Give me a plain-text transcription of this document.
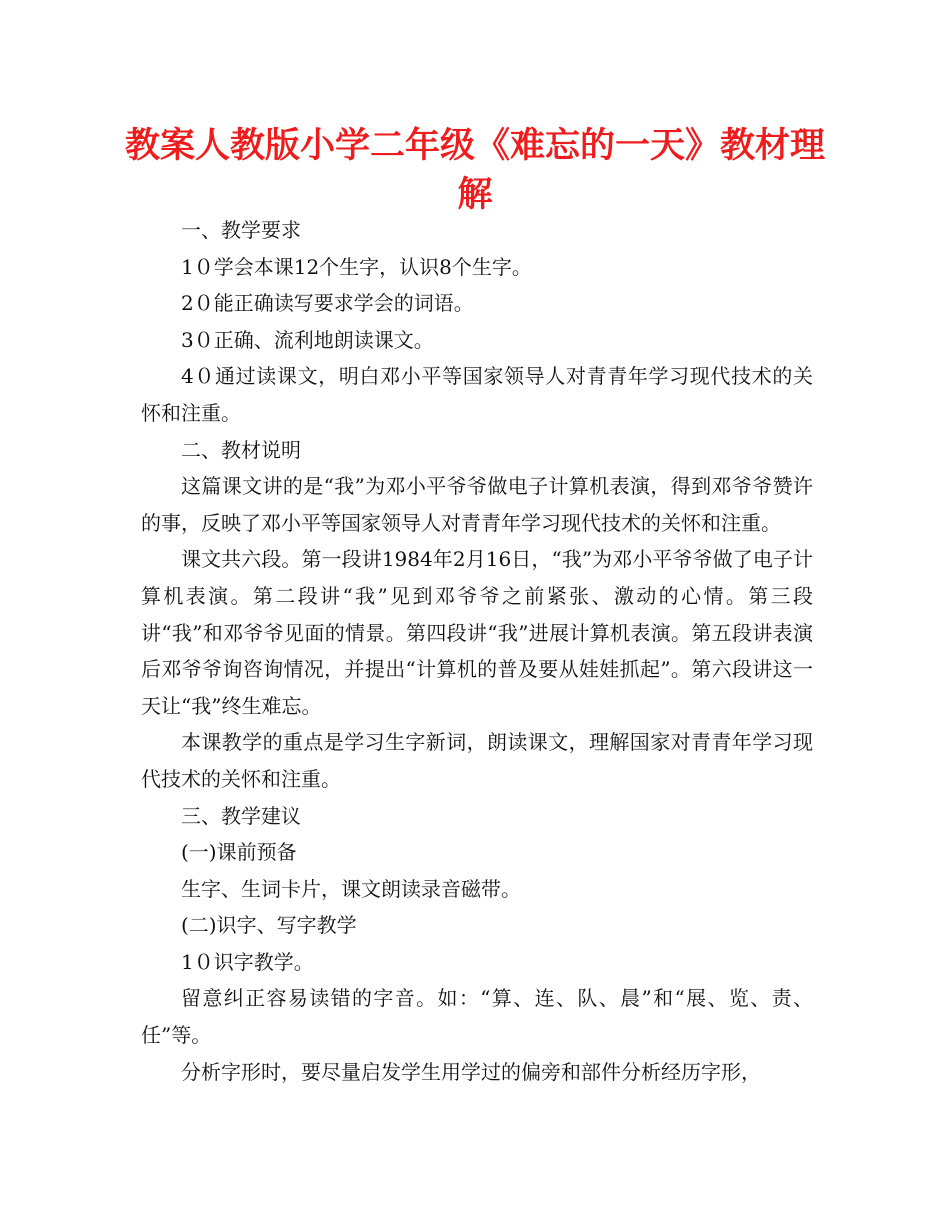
教案人教版小学二年级《难忘的一天》教材理解

一、教学要求

1０学会本课12个生字，认识8个生字。

2０能正确读写要求学会的词语。

3０正确、流利地朗读课文。

4０通过读课文，明白邓小平等国家领导人对青青年学习现代技术的关怀和注重。

二、教材说明

这篇课文讲的是“我”为邓小平爷爷做电子计算机表演，得到邓爷爷赞许的事，反映了邓小平等国家领导人对青青年学习现代技术的关怀和注重。

课文共六段。第一段讲1984年2月16日，“我”为邓小平爷爷做了电子计算机表演。第二段讲“我”见到邓爷爷之前紧张、激动的心情。第三段讲“我”和邓爷爷见面的情景。第四段讲“我”进展计算机表演。第五段讲表演后邓爷爷询咨询情况，并提出“计算机的普及要从娃娃抓起”。第六段讲这一天让“我”终生难忘。

本课教学的重点是学习生字新词，朗读课文，理解国家对青青年学习现代技术的关怀和注重。

三、教学建议

(一)课前预备

生字、生词卡片，课文朗读录音磁带。

(二)识字、写字教学

1０识字教学。

留意纠正容易读错的字音。如：“算、连、队、晨”和“展、览、责、任”等。

分析字形时，要尽量启发学生用学过的偏旁和部件分析经历字形，
